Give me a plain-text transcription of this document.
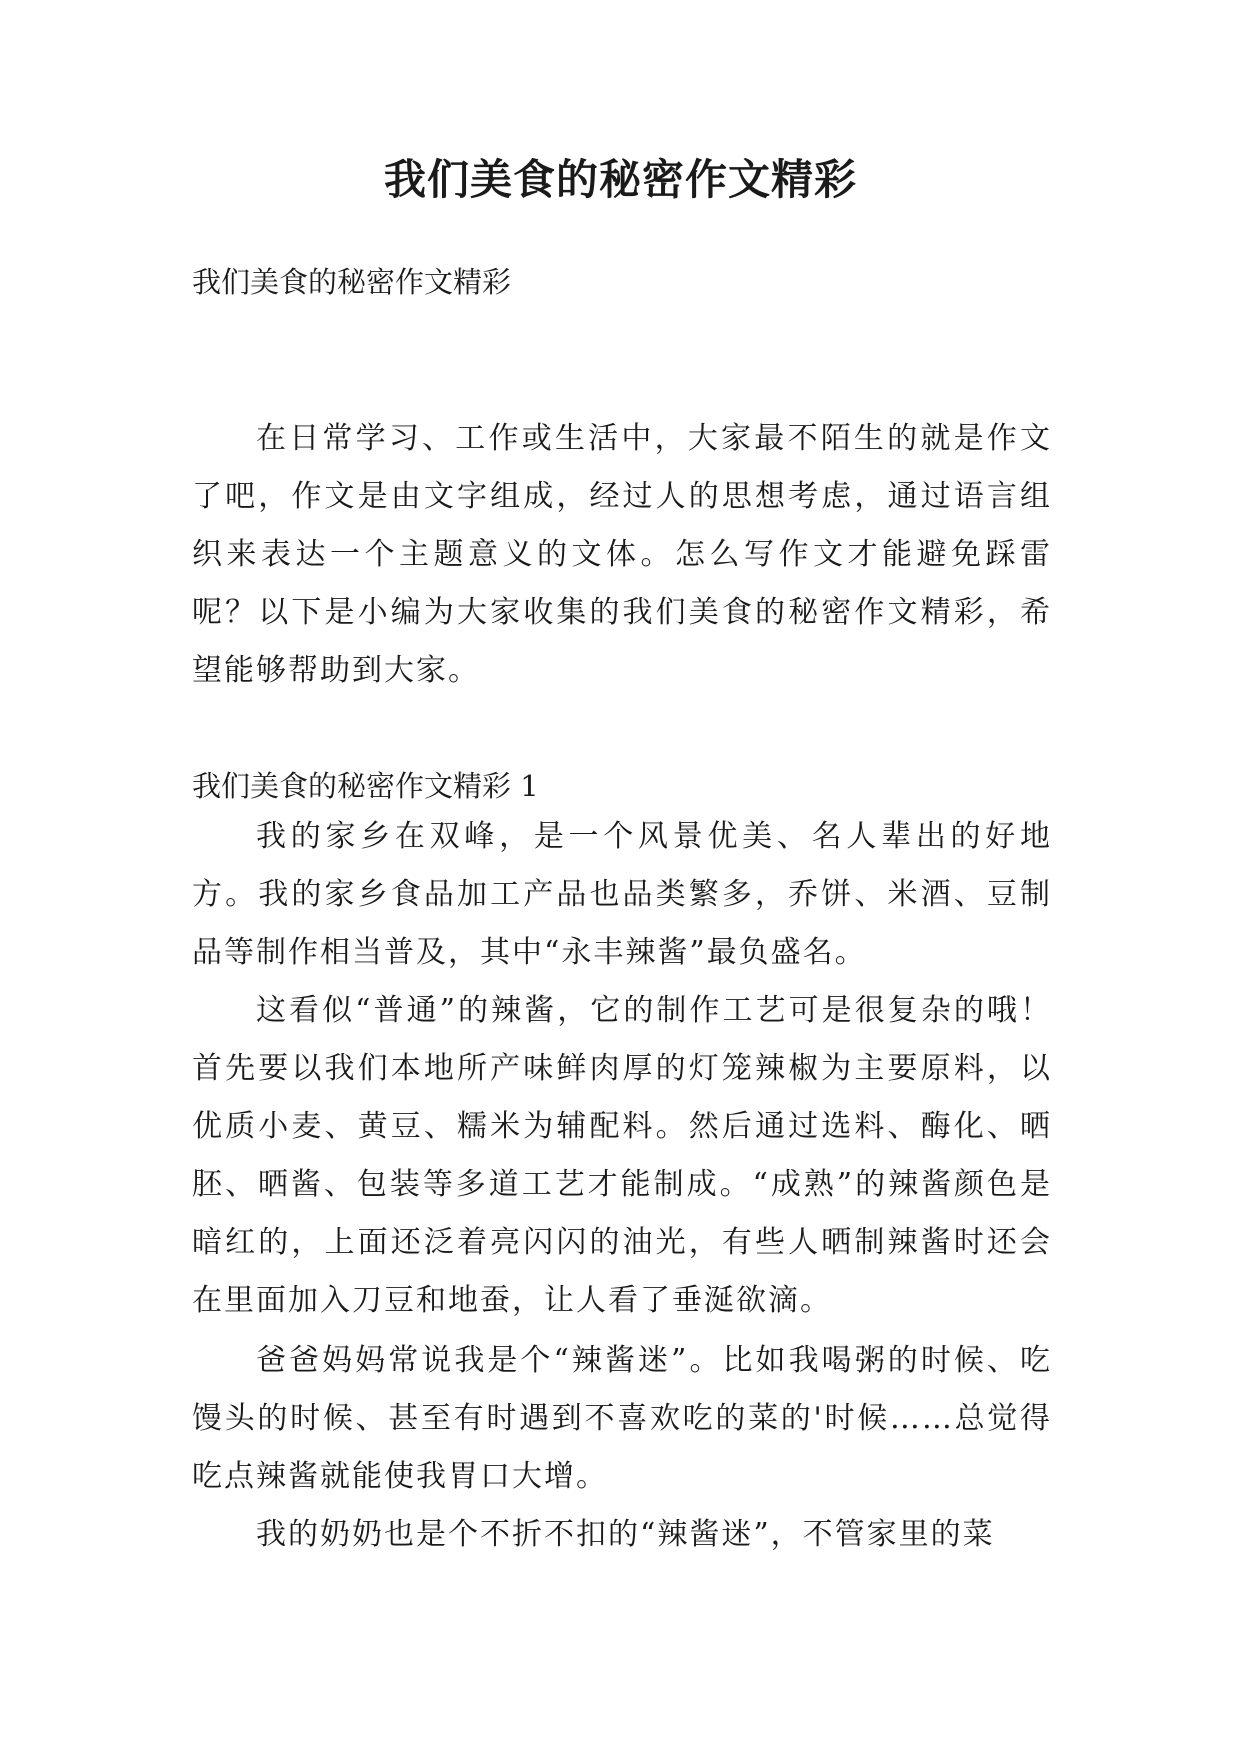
我们美食的秘密作文精彩

我们美食的秘密作文精彩

在日常学习、工作或生活中，大家最不陌生的就是作文了吧，作文是由文字组成，经过人的思想考虑，通过语言组织来表达一个主题意义的文体。怎么写作文才能避免踩雷呢？以下是小编为大家收集的我们美食的秘密作文精彩，希望能够帮助到大家。

我们美食的秘密作文精彩 1

我的家乡在双峰，是一个风景优美、名人辈出的好地方。我的家乡食品加工产品也品类繁多，乔饼、米酒、豆制品等制作相当普及，其中“永丰辣酱”最负盛名。

这看似“普通”的辣酱，它的制作工艺可是很复杂的哦！首先要以我们本地所产味鲜肉厚的灯笼辣椒为主要原料，以优质小麦、黄豆、糯米为辅配料。然后通过选料、酶化、晒胚、晒酱、包装等多道工艺才能制成。“成熟”的辣酱颜色是暗红的，上面还泛着亮闪闪的油光，有些人晒制辣酱时还会在里面加入刀豆和地蚕，让人看了垂涎欲滴。

爸爸妈妈常说我是个“辣酱迷”。比如我喝粥的时候、吃馒头的时候、甚至有时遇到不喜欢吃的菜的'时候……总觉得吃点辣酱就能使我胃口大增。

我的奶奶也是个不折不扣的“辣酱迷”，不管家里的菜
